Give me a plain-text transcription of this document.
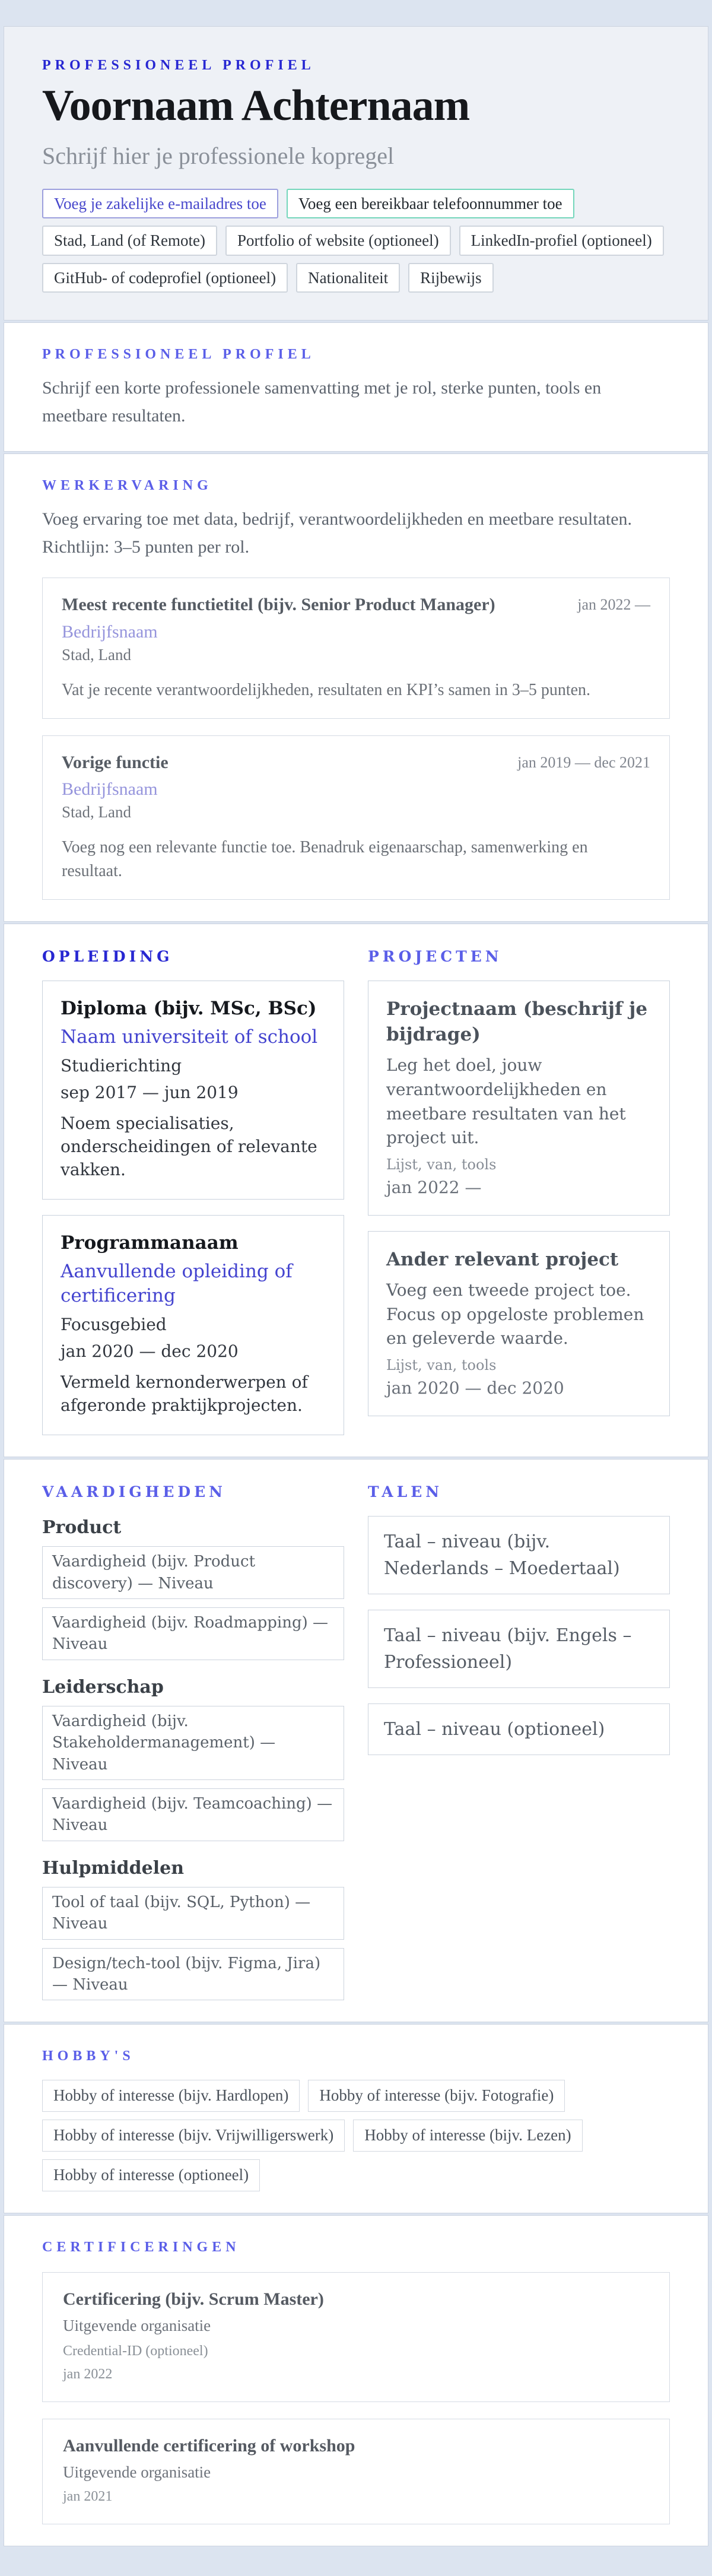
PROFESSIONEEL PROFIEL
Voornaam Achternaam
Schrijf hier je professionele kopregel
Voeg je zakelijke e-mailadres toe	Voeg een bereikbaar telefoonnummer toe
Stad, Land (of Remote)	Portfolio of website (optioneel)	LinkedIn-profiel (optioneel)
GitHub- of codeprofiel (optioneel)	Nationaliteit	Rijbewijs
PROFESSIONEEL PROFIEL

Schrijf een korte professionele samenvatting met je rol, sterke punten, tools en meetbare resultaten.

WERKERVARING

Voeg ervaring toe met data, bedrijf, verantwoordelijkheden en meetbare resultaten. Richtlijn: 3–5 punten per rol.

Meest recente functietitel (bijv. Senior Product Manager)	jan 2022 —
Bedrijfsnaam
Stad, Land
Vat je recente verantwoordelijkheden, resultaten en KPI’s samen in 3–5 punten.
Vorige functie	jan 2019 — dec 2021
Bedrijfsnaam
Stad, Land
Voeg nog een relevante functie toe. Benadruk eigenaarschap, samenwerking en resultaat.
OPLEIDING
Diploma (bijv. MSc, BSc)
Naam universiteit of school
Studierichting
sep 2017 — jun 2019
Noem specialisaties, onderscheidingen of relevante vakken.
Programmanaam
Aanvullende opleiding of certificering
Focusgebied
jan 2020 — dec 2020
Vermeld kernonderwerpen of afgeronde praktijkprojecten.
PROJECTEN
Projectnaam (beschrijf je bijdrage)
Leg het doel, jouw verantwoordelijkheden en meetbare resultaten van het project uit.
Lijst, van, tools
jan 2022 —
Ander relevant project
Voeg een tweede project toe. Focus op opgeloste problemen en geleverde waarde.
Lijst, van, tools
jan 2020 — dec 2020
VAARDIGHEDEN
Product
Vaardigheid (bijv. Product discovery) — Niveau
Vaardigheid (bijv. Roadmapping) — Niveau
Leiderschap
Vaardigheid (bijv. Stakeholdermanagement) — Niveau
Vaardigheid (bijv. Teamcoaching) — Niveau
Hulpmiddelen
Tool of taal (bijv. SQL, Python) — Niveau
Design/tech-tool (bijv. Figma, Jira) — Niveau
TALEN
Taal – niveau (bijv. Nederlands – Moedertaal)
Taal – niveau (bijv. Engels – Professioneel)
Taal – niveau (optioneel)
HOBBY'S
Hobby of interesse (bijv. Hardlopen)	Hobby of interesse (bijv. Fotografie)
Hobby of interesse (bijv. Vrijwilligerswerk)	Hobby of interesse (bijv. Lezen)
Hobby of interesse (optioneel)
CERTIFICERINGEN
Certificering (bijv. Scrum Master)
Uitgevende organisatie
Credential-ID (optioneel)
jan 2022
Aanvullende certificering of workshop
Uitgevende organisatie
jan 2021
